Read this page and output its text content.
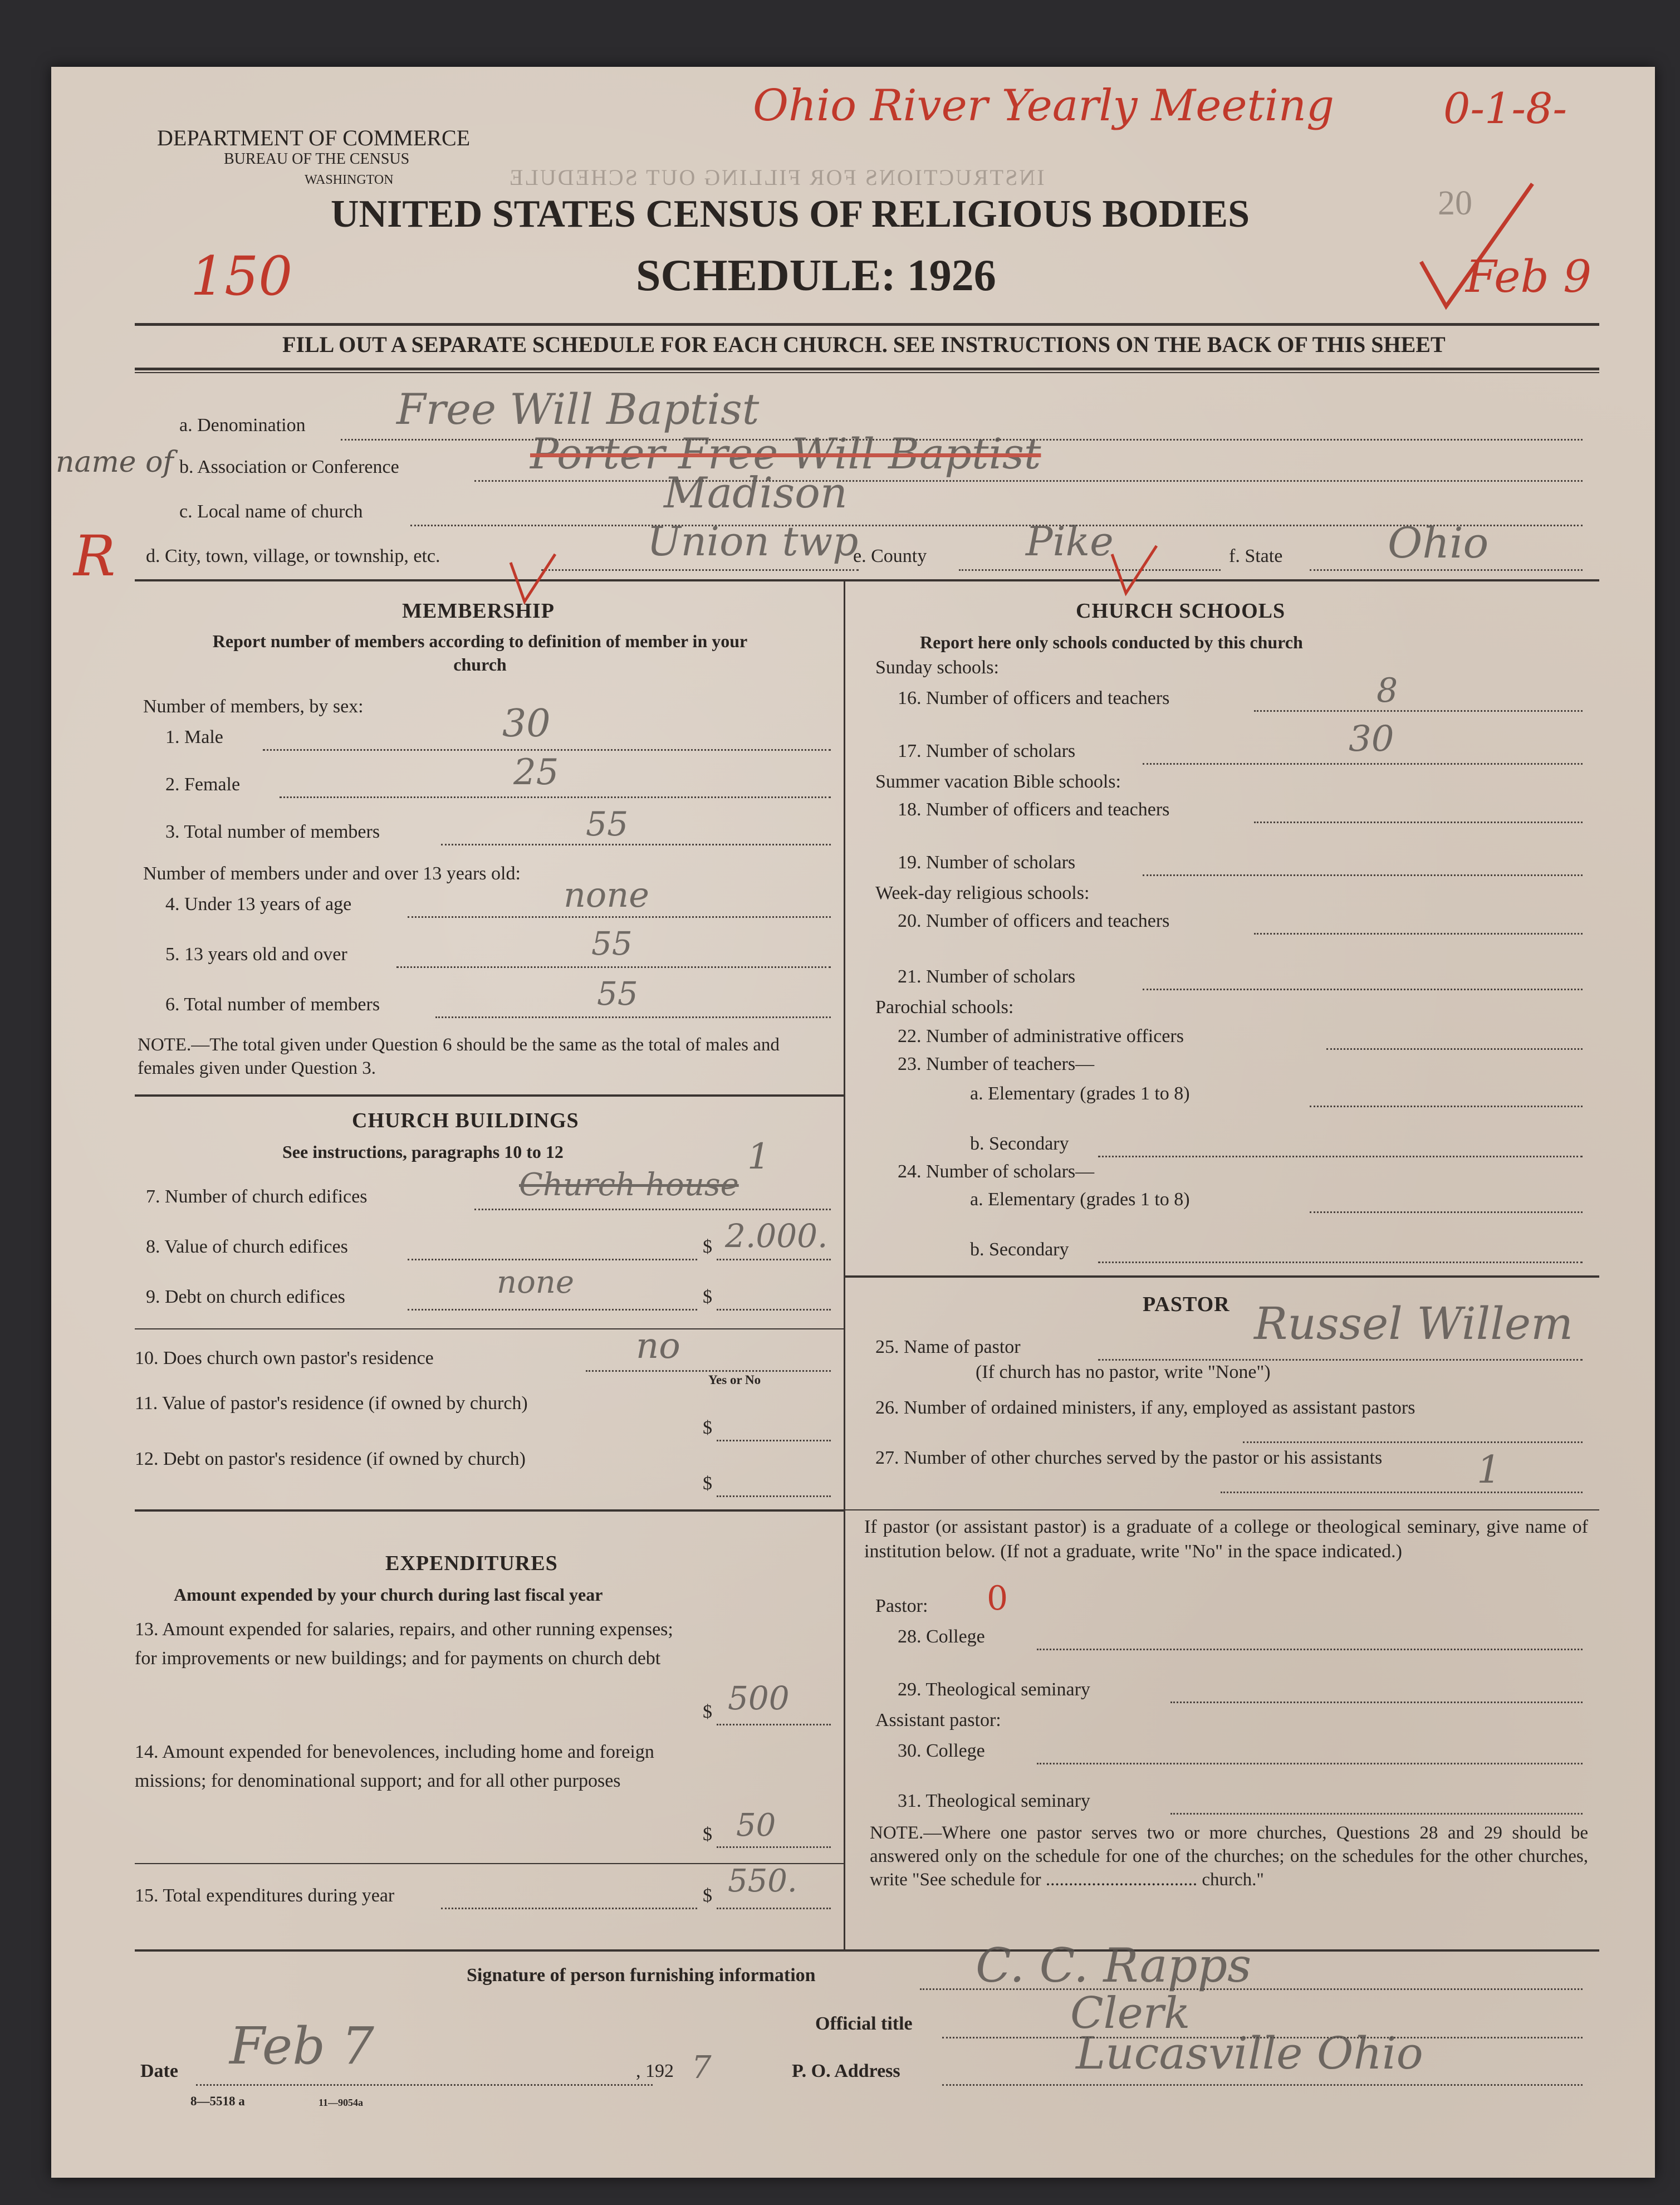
INSTRUCTIONS FOR FILLING OUT SCHEDULE
20
DEPARTMENT OF COMMERCE
BUREAU OF THE CENSUS
WASHINGTON
UNITED STATES CENSUS OF RELIGIOUS BODIES
SCHEDULE: 1926
FILL OUT A SEPARATE SCHEDULE FOR EACH CHURCH. SEE INSTRUCTIONS ON THE BACK OF THIS SHEET
Ohio River Yearly Meeting	0-1-8-
150	Feb 9
R
name of
a. Denomination Free Will Baptist
b. Association or Conference	Porter Free Will Baptist
c. Local name of church	Madison
d. City, town, village, or township, etc.	Union twp
e. County Pike	f. State Ohio
MEMBERSHIP
Report number of members according to definition of member in your church
Number of members, by sex:
1. Male	30
2. Female	25
3. Total number of members	55
Number of members under and over 13 years old:
4. Under 13 years of age	none
5. 13 years old and over	55
6. Total number of members	55
NOTE.—The total given under Question 6 should be the same as the total of males and females given under Question 3.
CHURCH BUILDINGS
See instructions, paragraphs 10 to 12
7. Number of church edifices	Church house
1
8. Value of church edifices	$ 2.000.
9. Debt on church edifices	$
none
10. Does church own pastor's residence	no
Yes or No
11. Value of pastor's residence (if owned by church)
$
12. Debt on pastor's residence (if owned by church)
$
EXPENDITURES
Amount expended by your church during last fiscal year
13. Amount expended for salaries, repairs, and other running expenses; for improvements or new buildings; and for payments on church debt
$ 500
14. Amount expended for benevolences, including home and foreign missions; for denominational support; and for all other purposes
$ 50
15. Total expenditures during year	$ 550.
CHURCH SCHOOLS
Report here only schools conducted by this church
Sunday schools:
16. Number of officers and teachers	8
17. Number of scholars	30
Summer vacation Bible schools:
18. Number of officers and teachers
19. Number of scholars
Week-day religious schools:
20. Number of officers and teachers
21. Number of scholars
Parochial schools:
22. Number of administrative officers
23. Number of teachers—
a. Elementary (grades 1 to 8)
b. Secondary
24. Number of scholars—
a. Elementary (grades 1 to 8)
b. Secondary
PASTOR
25. Name of pastor	Russel Willem
(If church has no pastor, write "None")
26. Number of ordained ministers, if any, employed as assistant pastors
27. Number of other churches served by the pastor or his assistants	1
If pastor (or assistant pastor) is a graduate of a college or theological seminary, give name of institution below. (If not a graduate, write "No" in the space indicated.)
Pastor: 0
28. College
29. Theological seminary
Assistant pastor:
30. College
31. Theological seminary
NOTE.—Where one pastor serves two or more churches, Questions 28 and 29 should be answered only on the schedule for one of the churches; on the schedules for the other churches, write "See schedule for ................................. church."
Signature of person furnishing information	C. C. Rapps
Official title	Clerk
Date Feb 7	, 192 7	P. O. Address	Lucasville Ohio
8—5518 a	11—9054a
